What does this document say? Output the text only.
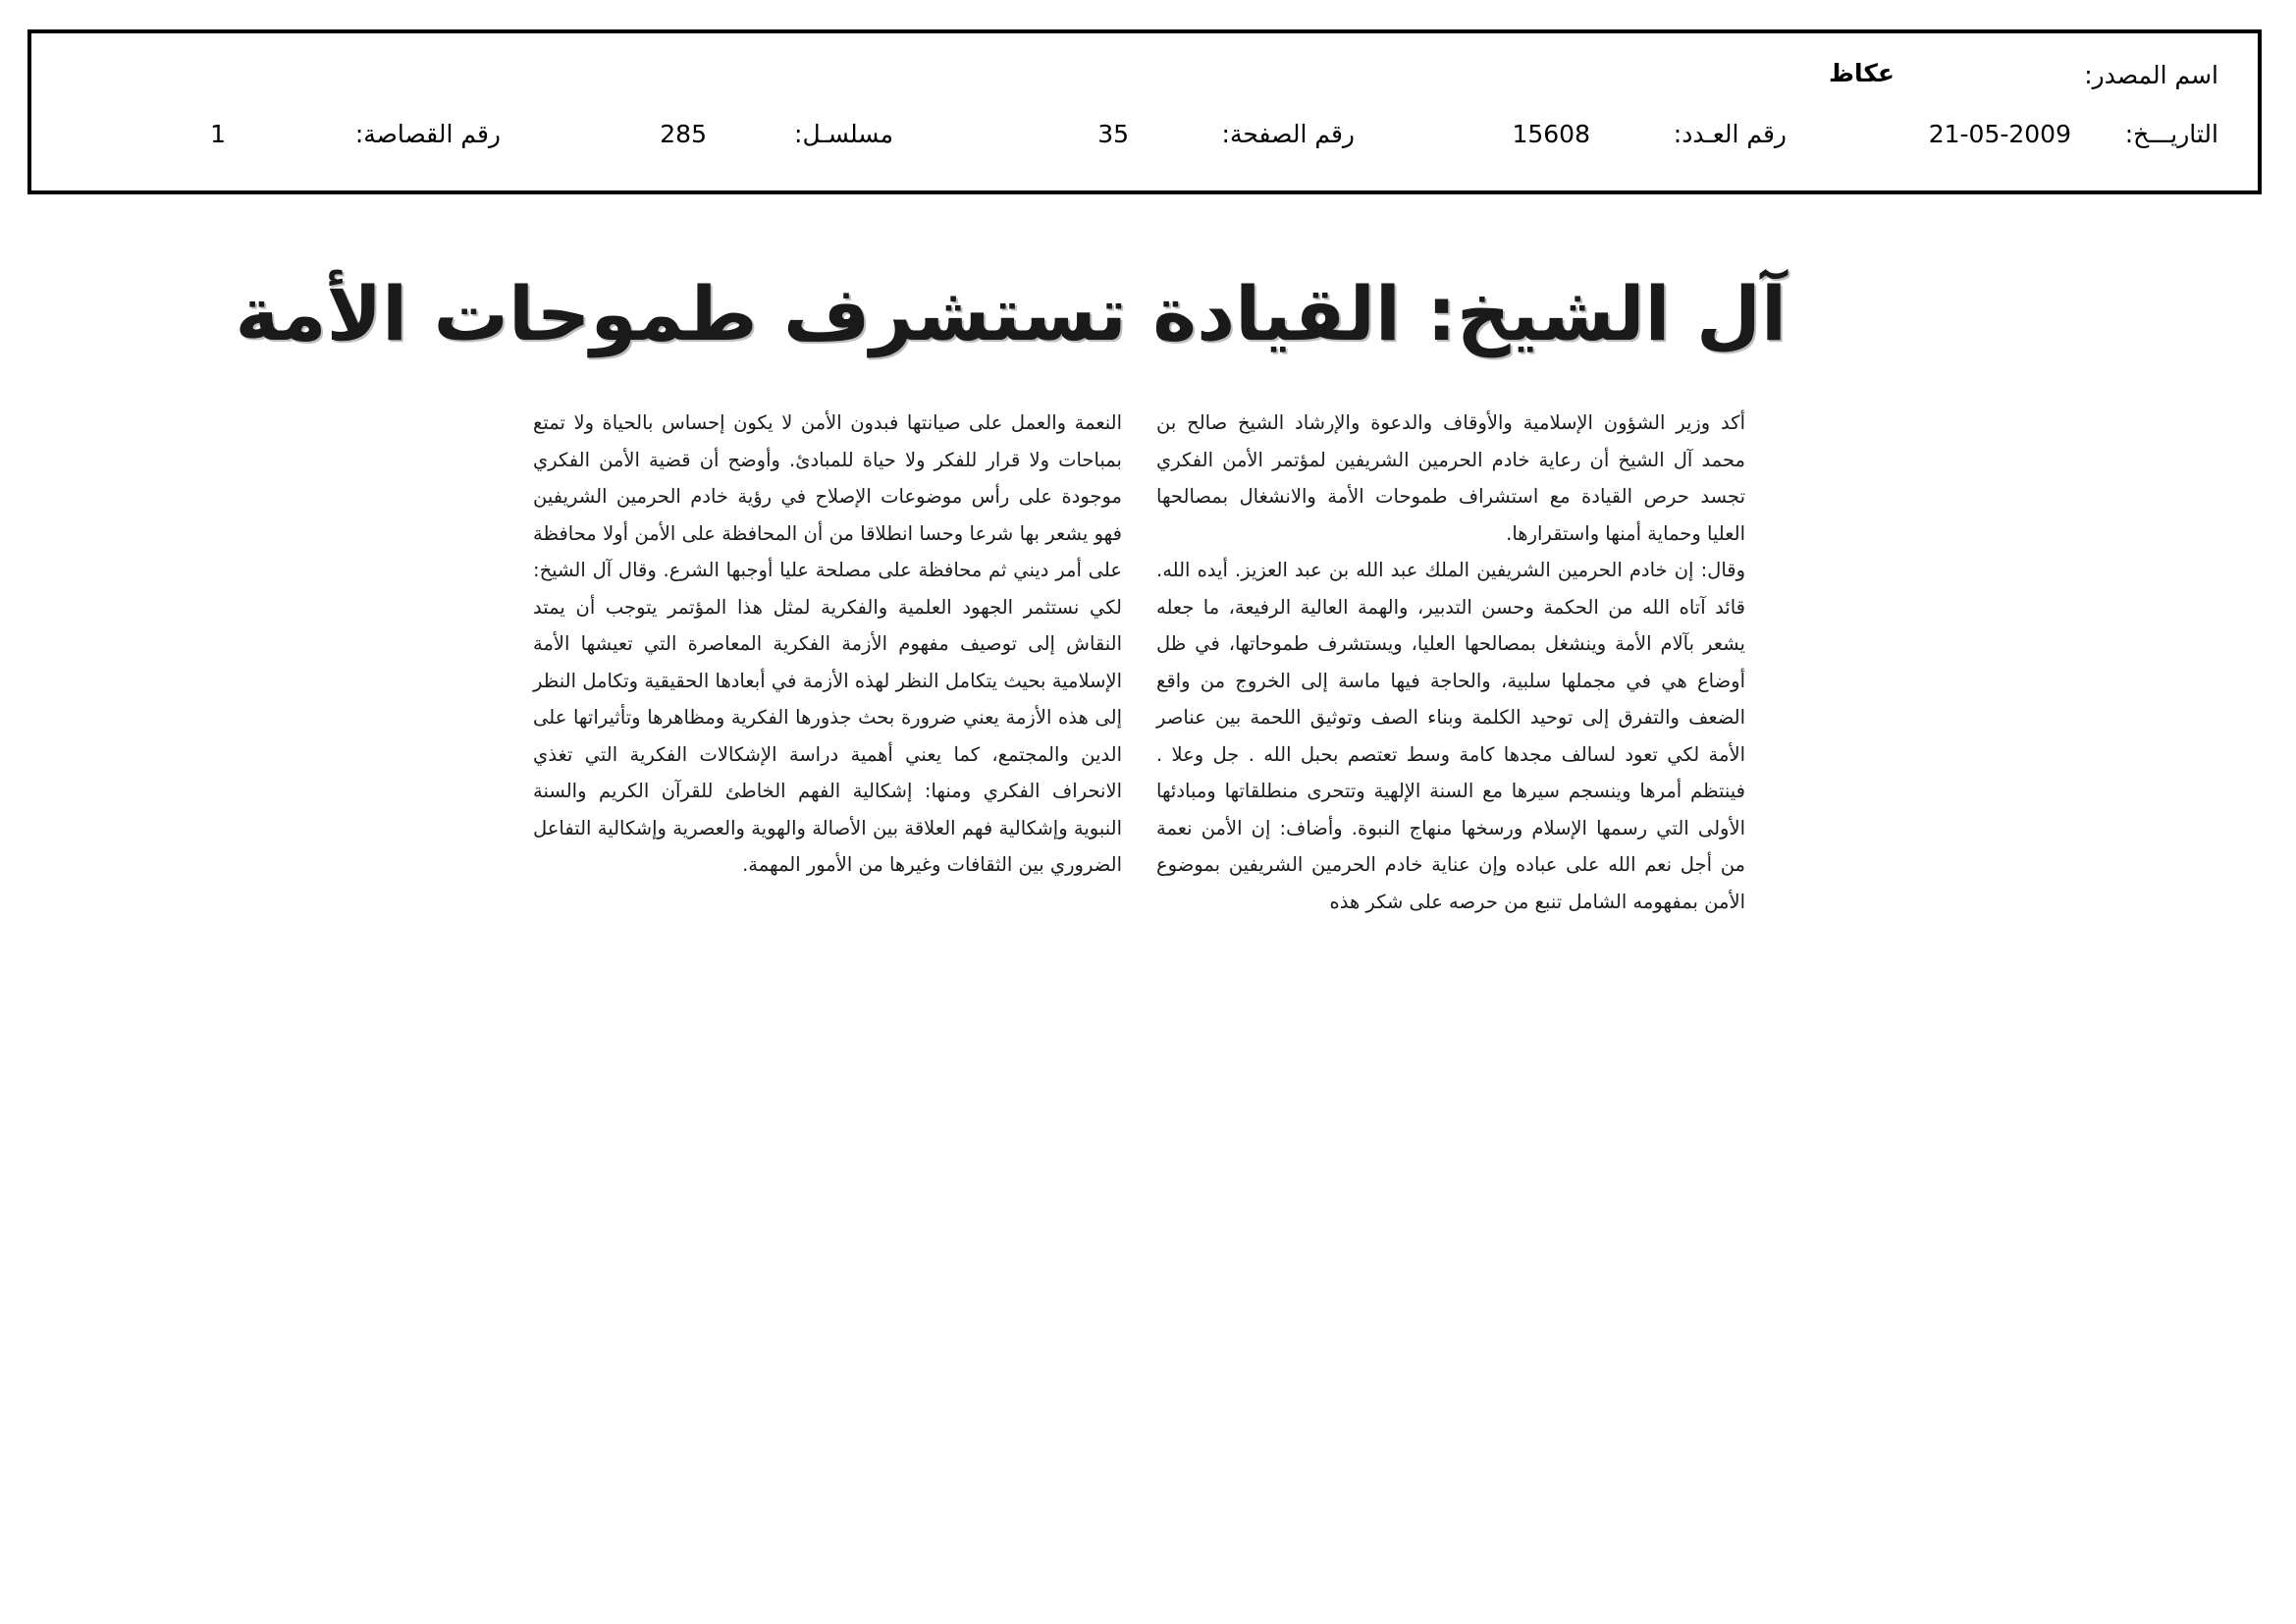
اسم المصدر:
عكاظ
التاريـــخ:
21-05-2009
رقم العـدد:
15608
رقم الصفحة:
35
مسلسـل:
285
رقم القصاصة:
1
آل الشيخ: القيادة تستشرف طموحات الأمة

أكد وزير الشؤون الإسلامية والأوقاف والدعوة والإرشاد الشيخ صالح بن محمد آل الشيخ أن رعاية خادم الحرمين الشريفين لمؤتمر الأمن الفكري تجسد حرص القيادة مع استشراف طموحات الأمة والانشغال بمصالحها العليا وحماية أمنها واستقرارها.

وقال: إن خادم الحرمين الشريفين الملك عبد الله بن عبد العزيز. أيده الله. قائد آتاه الله من الحكمة وحسن التدبير، والهمة العالية الرفيعة، ما جعله يشعر بآلام الأمة وينشغل بمصالحها العليا، ويستشرف طموحاتها، في ظل أوضاع هي في مجملها سلبية، والحاجة فيها ماسة إلى الخروج من واقع الضعف والتفرق إلى توحيد الكلمة وبناء الصف وتوثيق اللحمة بين عناصر الأمة لكي تعود لسالف مجدها كامة وسط تعتصم بحبل الله . جل وعلا . فينتظم أمرها وينسجم سيرها مع السنة الإلهية وتتحرى منطلقاتها ومبادئها الأولى التي رسمها الإسلام ورسخها منهاج النبوة. وأضاف: إن الأمن نعمة من أجل نعم الله على عباده وإن عناية خادم الحرمين الشريفين بموضوع الأمن بمفهومه الشامل تنبع من حرصه على شكر هذه

النعمة والعمل على صيانتها فبدون الأمن لا يكون إحساس بالحياة ولا تمتع بمباحات ولا قرار للفكر ولا حياة للمبادئ. وأوضح أن قضية الأمن الفكري موجودة على رأس موضوعات الإصلاح في رؤية خادم الحرمين الشريفين فهو يشعر بها شرعا وحسا انطلاقا من أن المحافظة على الأمن أولا محافظة على أمر ديني ثم محافظة على مصلحة عليا أوجبها الشرع. وقال آل الشيخ: لكي نستثمر الجهود العلمية والفكرية لمثل هذا المؤتمر يتوجب أن يمتد النقاش إلى توصيف مفهوم الأزمة الفكرية المعاصرة التي تعيشها الأمة الإسلامية بحيث يتكامل النظر لهذه الأزمة في أبعادها الحقيقية وتكامل النظر إلى هذه الأزمة يعني ضرورة بحث جذورها الفكرية ومظاهرها وتأثيراتها على الدين والمجتمع، كما يعني أهمية دراسة الإشكالات الفكرية التي تغذي الانحراف الفكري ومنها: إشكالية الفهم الخاطئ للقرآن الكريم والسنة النبوية وإشكالية فهم العلاقة بين الأصالة والهوية والعصرية وإشكالية التفاعل الضروري بين الثقافات وغيرها من الأمور المهمة.
